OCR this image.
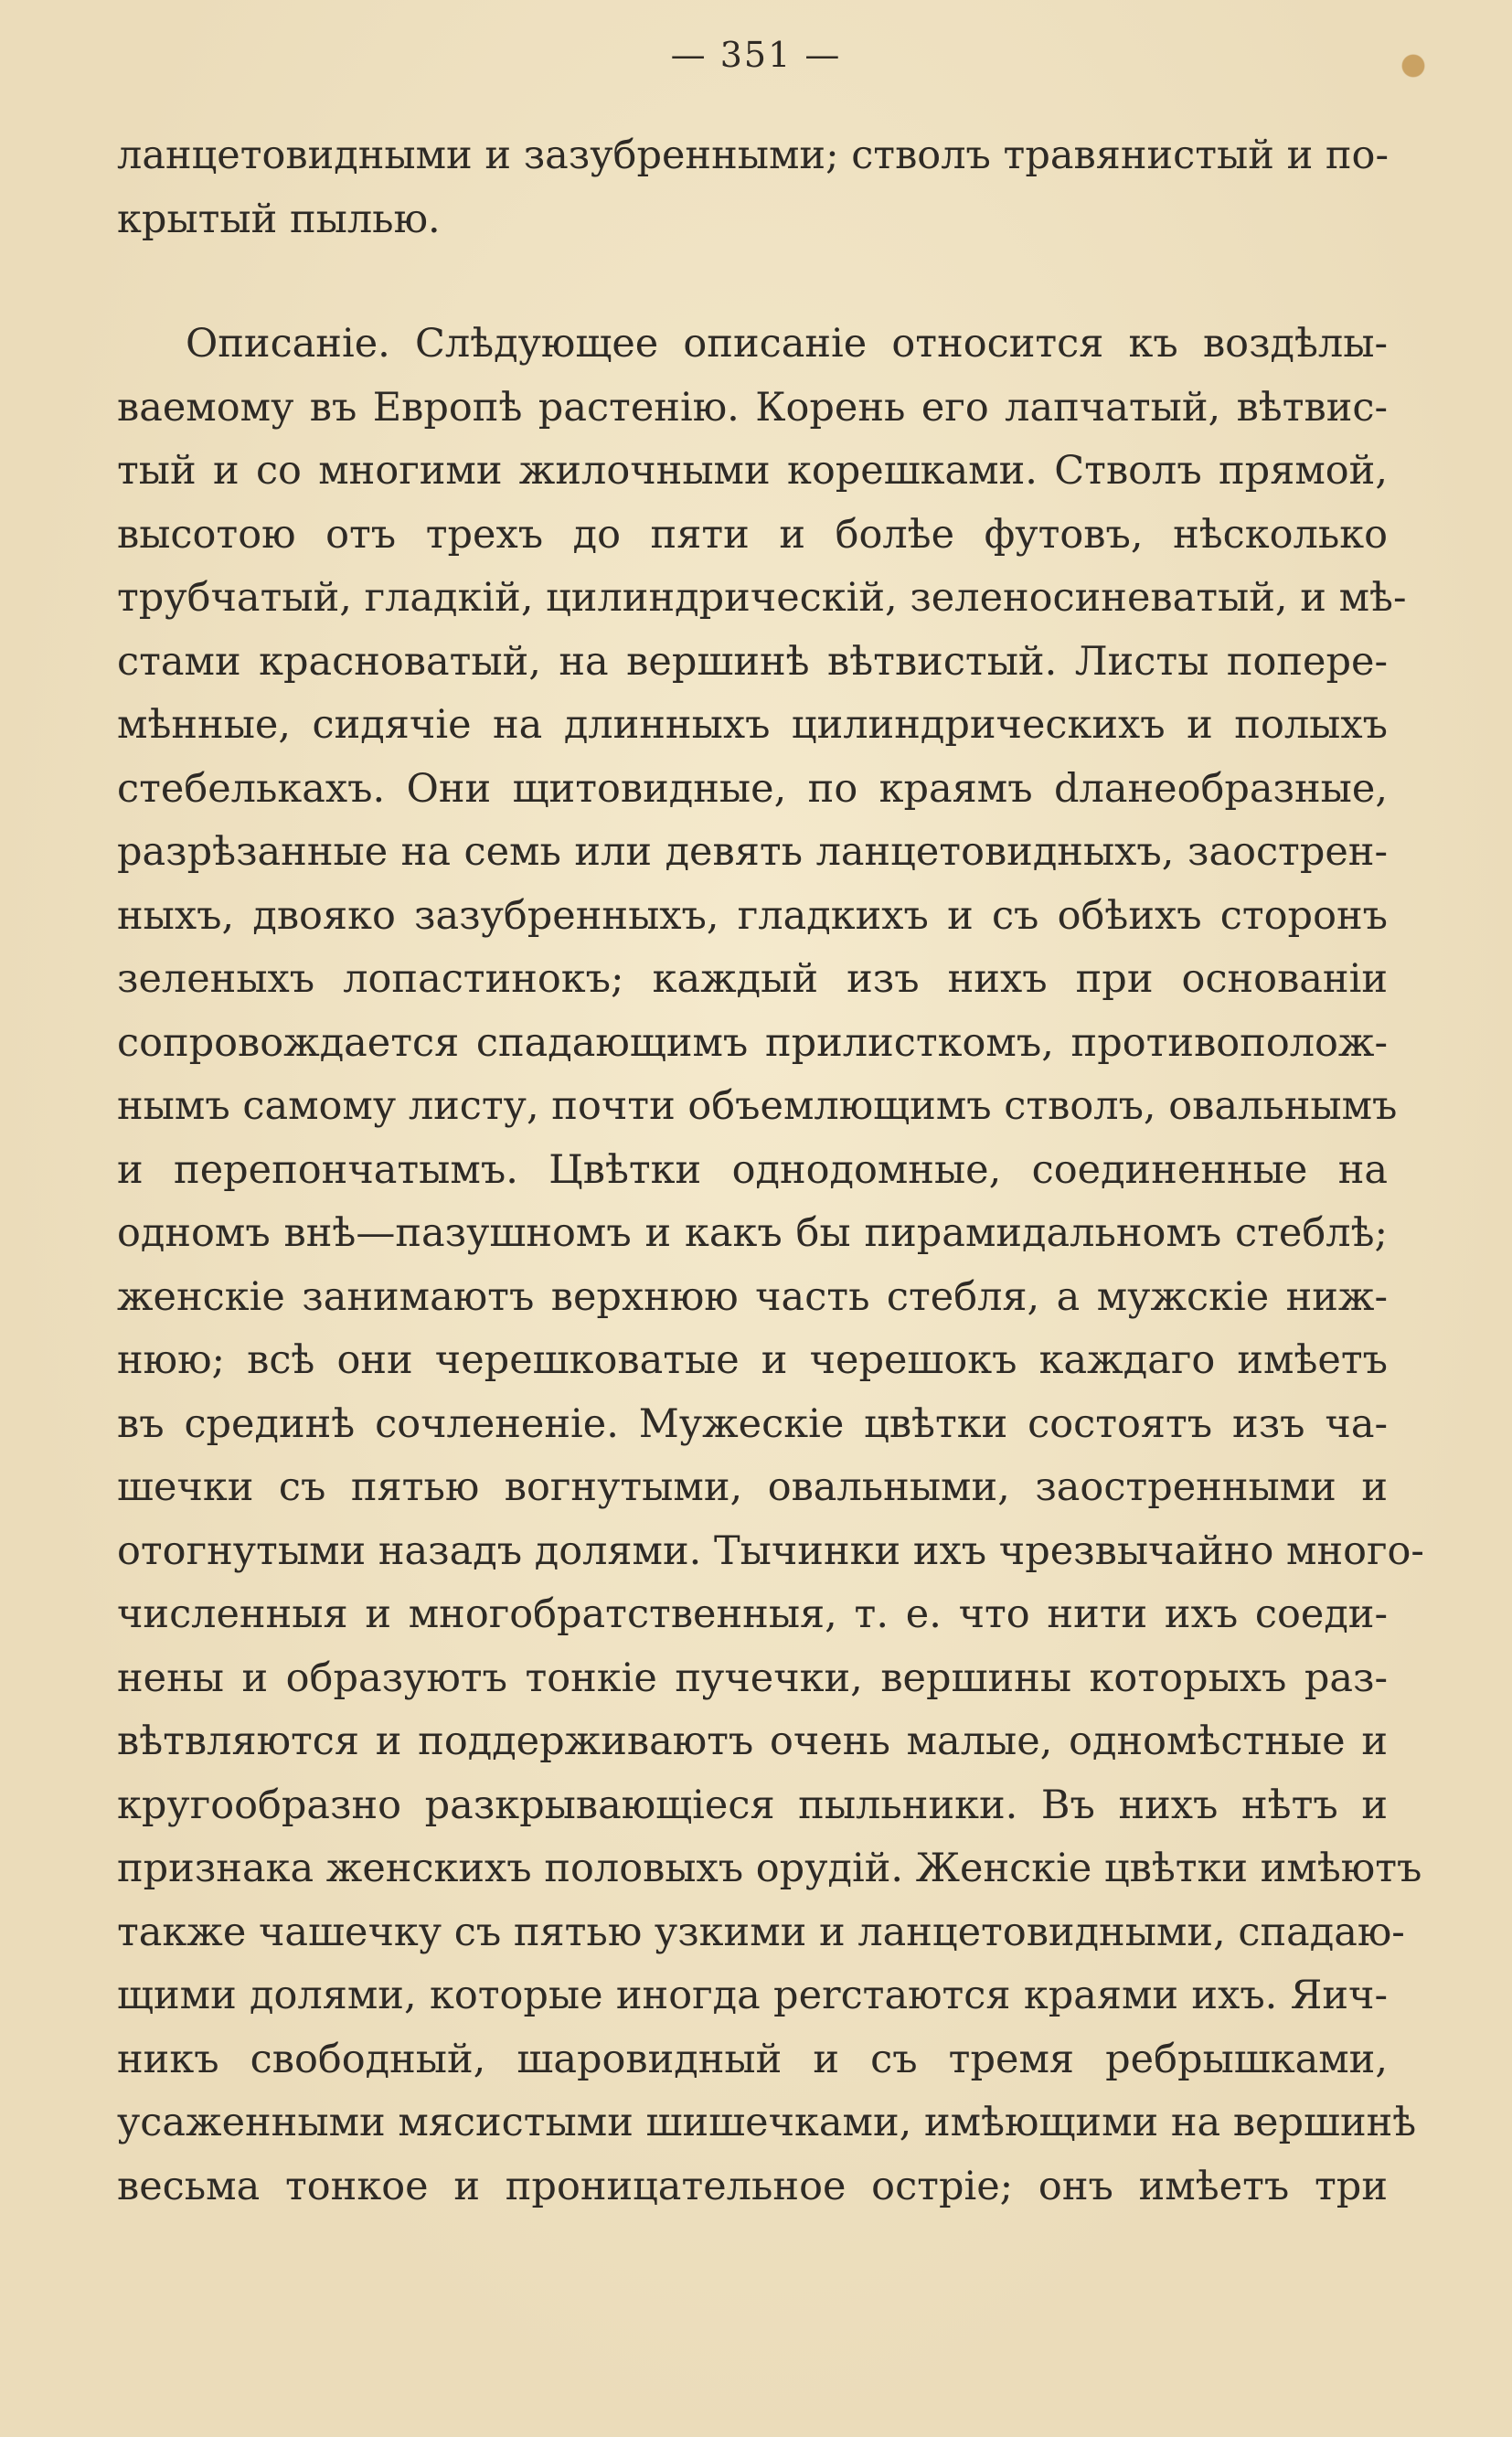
— 351 —
ланцетовидными и зазубренными; стволъ травянистый и по-
крытый пылью.
Описаніе. Слѣдующее описаніе относится къ воздѣлы-
ваемому въ Европѣ растенію. Корень его лапчатый, вѣтвис-
тый и со многими жилочными корешками. Стволъ прямой,
высотою отъ трехъ до пяти и болѣе футовъ, нѣсколько
трубчатый, гладкій, цилиндрическій, зеленосиневатый, и мѣ-
стами красноватый, на вершинѣ вѣтвистый. Листы попере-
мѣнные, сидячіе на длинныхъ цилиндрическихъ и полыхъ
стебелькахъ. Они щитовидные, по краямъ dланеобразные,
разрѣзанные на семь или девять ланцетовидныхъ, заострен-
ныхъ, двояко зазубренныхъ, гладкихъ и съ обѣихъ сторонъ
зеленыхъ лопастинокъ; каждый изъ нихъ при основаніи
сопровождается спадающимъ прилисткомъ, противополож-
нымъ самому листу, почти объемлющимъ стволъ, овальнымъ
и перепончатымъ. Цвѣтки однодомные, соединенные на
одномъ внѣ—пазушномъ и какъ бы пирамидальномъ стеблѣ;
женскіе занимаютъ верхнюю часть стебля, а мужскіе ниж-
нюю; всѣ они черешковатые и черешокъ каждаго имѣетъ
въ срединѣ сочлененіе. Мужескіе цвѣтки состоятъ изъ ча-
шечки съ пятью вогнутыми, овальными, заостренными и
отогнутыми назадъ долями. Тычинки ихъ чрезвычайно много-
численныя и многобратственныя, т. е. что нити ихъ соеди-
нены и образуютъ тонкіе пучечки, вершины которыхъ раз-
вѣтвляются и поддерживаютъ очень малые, одномѣстные и
кругообразно разкрывающіеся пыльники. Въ нихъ нѣтъ и
признака женскихъ половыхъ орудій. Женскіе цвѣтки имѣютъ
также чашечку съ пятью узкими и ланцетовидными, спадаю-
щими долями, которые иногда percтаются краями ихъ. Яич-
никъ свободный, шаровидный и съ тремя ребрышками,
усаженными мясистыми шишечками, имѣющими на вершинѣ
весьма тонкое и проницательное остріе; онъ имѣетъ три
